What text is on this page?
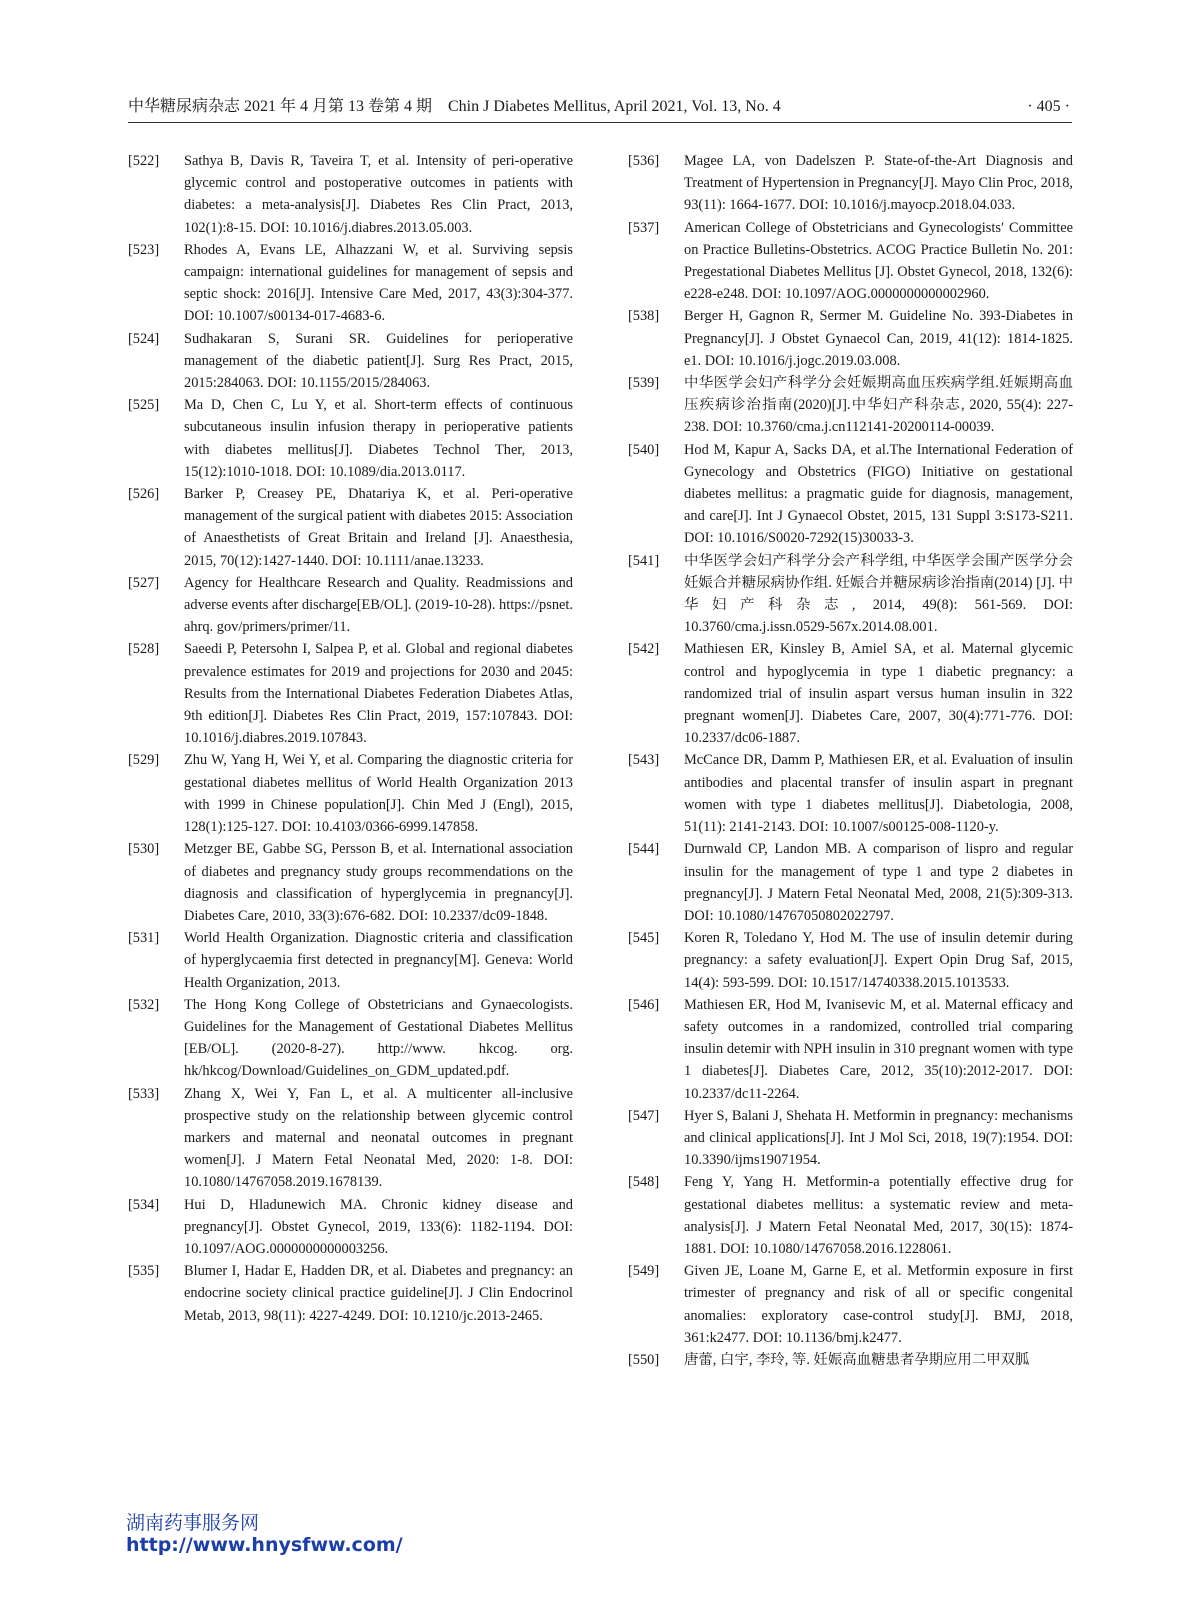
中华糖尿病杂志 2021 年 4 月第 13 卷第 4 期　Chin J Diabetes Mellitus, April 2021, Vol. 13, No. 4	· 405 ·
[522]	Sathya B, Davis R, Taveira T, et al. Intensity of peri-operative glycemic control and postoperative outcomes in patients with diabetes: a meta-analysis[J]. Diabetes Res Clin Pract, 2013, 102(1):8-15. DOI: 10.1016/j.diabres.2013.05.003.
[523]	Rhodes A, Evans LE, Alhazzani W, et al. Surviving sepsis campaign: international guidelines for management of sepsis and septic shock: 2016[J]. Intensive Care Med, 2017, 43(3):304-377. DOI: 10.1007/s00134-017-4683-6.
[524]	Sudhakaran S, Surani SR. Guidelines for perioperative management of the diabetic patient[J]. Surg Res Pract, 2015, 2015:284063. DOI: 10.1155/2015/284063.
[525]	Ma D, Chen C, Lu Y, et al. Short-term effects of continuous subcutaneous insulin infusion therapy in perioperative patients with diabetes mellitus[J]. Diabetes Technol Ther, 2013, 15(12):1010-1018. DOI: 10.1089/dia.2013.0117.
[526]	Barker P, Creasey PE, Dhatariya K, et al. Peri-operative management of the surgical patient with diabetes 2015: Association of Anaesthetists of Great Britain and Ireland [J]. Anaesthesia, 2015, 70(12):1427-1440. DOI: 10.1111/anae.13233.
[527]	Agency for Healthcare Research and Quality. Readmissions and adverse events after discharge[EB/OL]. (2019-10-28). https://psnet. ahrq. gov/primers/primer/11.
[528]	Saeedi P, Petersohn I, Salpea P, et al. Global and regional diabetes prevalence estimates for 2019 and projections for 2030 and 2045: Results from the International Diabetes Federation Diabetes Atlas, 9th edition[J]. Diabetes Res Clin Pract, 2019, 157:107843. DOI: 10.1016/j.diabres.2019.107843.
[529]	Zhu W, Yang H, Wei Y, et al. Comparing the diagnostic criteria for gestational diabetes mellitus of World Health Organization 2013 with 1999 in Chinese population[J]. Chin Med J (Engl), 2015, 128(1):125-127. DOI: 10.4103/0366-6999.147858.
[530]	Metzger BE, Gabbe SG, Persson B, et al. International association of diabetes and pregnancy study groups recommendations on the diagnosis and classification of hyperglycemia in pregnancy[J]. Diabetes Care, 2010, 33(3):676-682. DOI: 10.2337/dc09-1848.
[531]	World Health Organization. Diagnostic criteria and classification of hyperglycaemia first detected in pregnancy[M]. Geneva: World Health Organization, 2013.
[532]	The Hong Kong College of Obstetricians and Gynaecologists. Guidelines for the Management of Gestational Diabetes Mellitus [EB/OL]. (2020-8-27). http://www. hkcog. org. hk/hkcog/Download/Guidelines_on_GDM_updated.pdf.
[533]	Zhang X, Wei Y, Fan L, et al. A multicenter all-inclusive prospective study on the relationship between glycemic control markers and maternal and neonatal outcomes in pregnant women[J]. J Matern Fetal Neonatal Med, 2020: 1-8. DOI: 10.1080/14767058.2019.1678139.
[534]	Hui D, Hladunewich MA. Chronic kidney disease and pregnancy[J]. Obstet Gynecol, 2019, 133(6): 1182-1194. DOI: 10.1097/AOG.0000000000003256.
[535]	Blumer I, Hadar E, Hadden DR, et al. Diabetes and pregnancy: an endocrine society clinical practice guideline[J]. J Clin Endocrinol Metab, 2013, 98(11): 4227-4249. DOI: 10.1210/jc.2013-2465.
[536]	Magee LA, von Dadelszen P. State-of-the-Art Diagnosis and Treatment of Hypertension in Pregnancy[J]. Mayo Clin Proc, 2018, 93(11): 1664-1677. DOI: 10.1016/j.mayocp.2018.04.033.
[537]	American College of Obstetricians and Gynecologists′ Committee on Practice Bulletins-Obstetrics. ACOG Practice Bulletin No. 201: Pregestational Diabetes Mellitus [J]. Obstet Gynecol, 2018, 132(6): e228-e248. DOI: 10.1097/AOG.0000000000002960.
[538]	Berger H, Gagnon R, Sermer M. Guideline No. 393-Diabetes in Pregnancy[J]. J Obstet Gynaecol Can, 2019, 41(12): 1814-1825. e1. DOI: 10.1016/j.jogc.2019.03.008.
[539]	中华医学会妇产科学分会妊娠期高血压疾病学组.妊娠期高血压疾病诊治指南(2020)[J].中华妇产科杂志, 2020, 55(4): 227-238. DOI: 10.3760/cma.j.cn112141-20200114-00039.
[540]	Hod M, Kapur A, Sacks DA, et al.The International Federation of Gynecology and Obstetrics (FIGO) Initiative on gestational diabetes mellitus: a pragmatic guide for diagnosis, management, and care[J]. Int J Gynaecol Obstet, 2015, 131 Suppl 3:S173-S211. DOI: 10.1016/S0020-7292(15)30033-3.
[541]	中华医学会妇产科学分会产科学组, 中华医学会围产医学分会妊娠合并糖尿病协作组. 妊娠合并糖尿病诊治指南(2014) [J]. 中华妇产科杂志, 2014, 49(8): 561-569. DOI: 10.3760/cma.j.issn.0529-567x.2014.08.001.
[542]	Mathiesen ER, Kinsley B, Amiel SA, et al. Maternal glycemic control and hypoglycemia in type 1 diabetic pregnancy: a randomized trial of insulin aspart versus human insulin in 322 pregnant women[J]. Diabetes Care, 2007, 30(4):771-776. DOI: 10.2337/dc06-1887.
[543]	McCance DR, Damm P, Mathiesen ER, et al. Evaluation of insulin antibodies and placental transfer of insulin aspart in pregnant women with type 1 diabetes mellitus[J]. Diabetologia, 2008, 51(11): 2141-2143. DOI: 10.1007/s00125-008-1120-y.
[544]	Durnwald CP, Landon MB. A comparison of lispro and regular insulin for the management of type 1 and type 2 diabetes in pregnancy[J]. J Matern Fetal Neonatal Med, 2008, 21(5):309-313. DOI: 10.1080/14767050802022797.
[545]	Koren R, Toledano Y, Hod M. The use of insulin detemir during pregnancy: a safety evaluation[J]. Expert Opin Drug Saf, 2015, 14(4): 593-599. DOI: 10.1517/14740338.2015.1013533.
[546]	Mathiesen ER, Hod M, Ivanisevic M, et al. Maternal efficacy and safety outcomes in a randomized, controlled trial comparing insulin detemir with NPH insulin in 310 pregnant women with type 1 diabetes[J]. Diabetes Care, 2012, 35(10):2012-2017. DOI: 10.2337/dc11-2264.
[547]	Hyer S, Balani J, Shehata H. Metformin in pregnancy: mechanisms and clinical applications[J]. Int J Mol Sci, 2018, 19(7):1954. DOI: 10.3390/ijms19071954.
[548]	Feng Y, Yang H. Metformin-a potentially effective drug for gestational diabetes mellitus: a systematic review and meta-analysis[J]. J Matern Fetal Neonatal Med, 2017, 30(15): 1874-1881. DOI: 10.1080/14767058.2016.1228061.
[549]	Given JE, Loane M, Garne E, et al. Metformin exposure in first trimester of pregnancy and risk of all or specific congenital anomalies: exploratory case-control study[J]. BMJ, 2018, 361:k2477. DOI: 10.1136/bmj.k2477.
[550]	唐蕾, 白宇, 李玲, 等. 妊娠高血糖患者孕期应用二甲双胍
湖南药事服务网
http://www.hnysfww.com/
